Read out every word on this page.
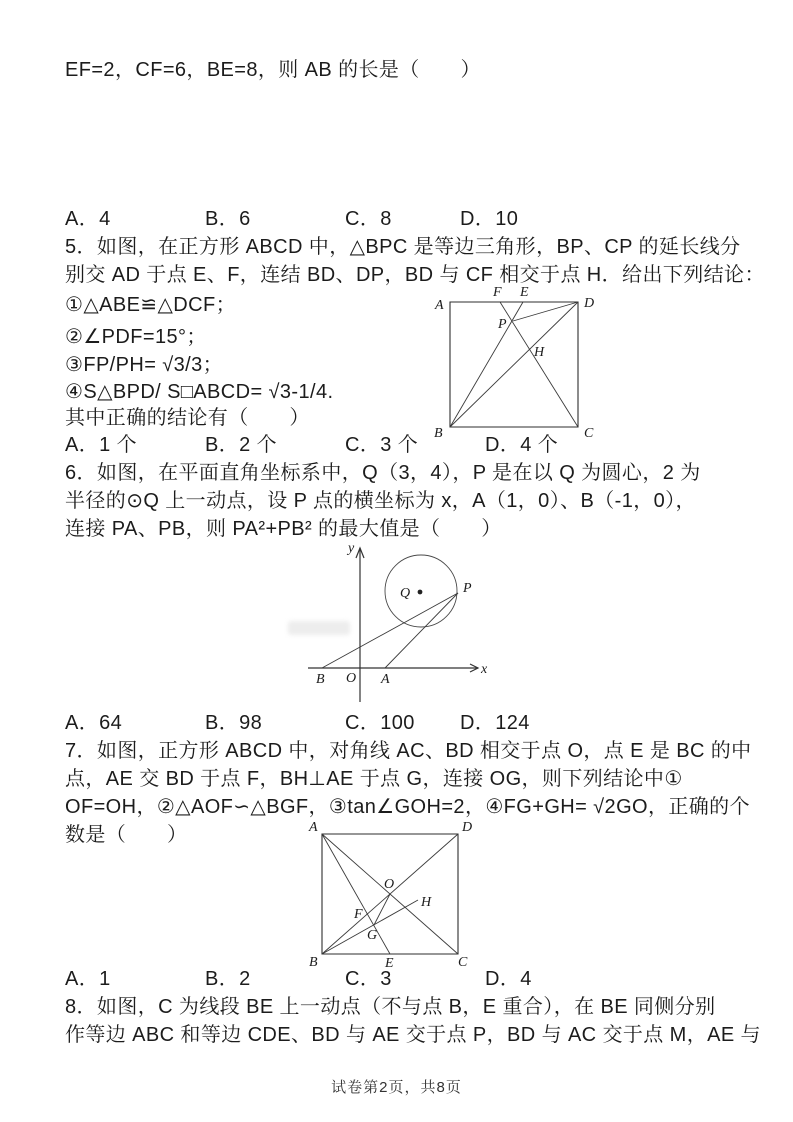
EF=2，CF=6，BE=8，则 AB 的长是（　　）
A．4	B．6	C．8	D．10
5．如图，在正方形 ABCD 中，△BPC 是等边三角形，BP、CP 的延长线分
别交 AD 于点 E、F，连结 BD、DP，BD 与 CF 相交于点 H．给出下列结论：
①△ABE≌△DCF；
②∠PDF=15°；
③FP/PH= √3/3；
④S△BPD/ S□ABCD= √3-1/4.
其中正确的结论有（　　）
A．1 个	B．2 个	C．3 个	D．4 个
A	D
B	C
F E
P
H
6．如图，在平面直角坐标系中，Q（3，4），P 是在以 Q 为圆心，2 为
半径的⊙Q 上一动点，设 P 点的横坐标为 x，A（1，0）、B（-1，0），
连接 PA、PB，则 PA²+PB² 的最大值是（　　）
y
x
B O A
Q	P
A．64	B．98	C．100 D．124
7．如图，正方形 ABCD 中，对角线 AC、BD 相交于点 O，点 E 是 BC 的中
点，AE 交 BD 于点 F，BH⊥AE 于点 G，连接 OG，则下列结论中①
OF=OH，②△AOF∽△BGF，③tan∠GOH=2，④FG+GH= √2GO，正确的个
数是（　　）	A	D
B	C
E
O
F
G
H
A．1	B．2	C．3	D．4
8．如图，C 为线段 BE 上一动点（不与点 B，E 重合），在 BE 同侧分别
作等边 ABC 和等边 CDE、BD 与 AE 交于点 P，BD 与 AC 交于点 M，AE 与
试卷第2页，共8页
